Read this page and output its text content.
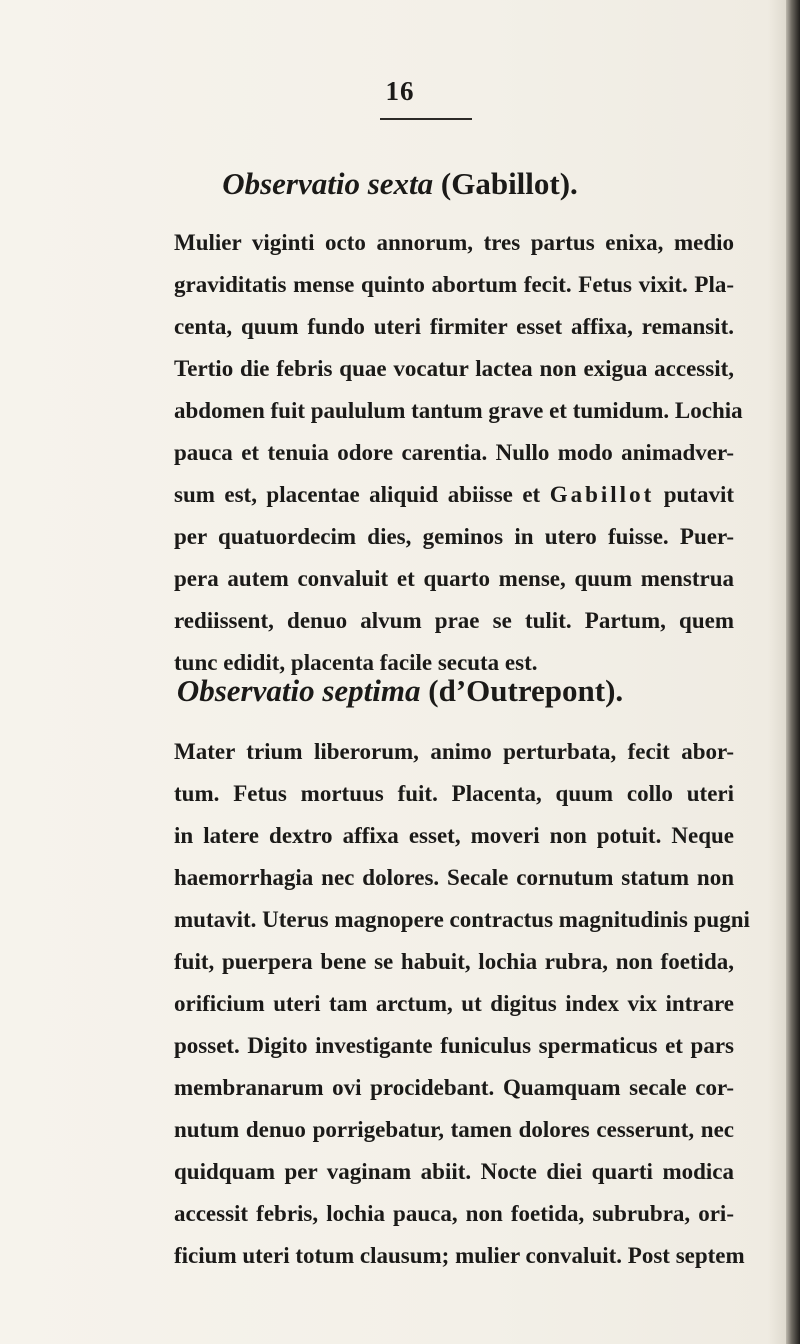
16
Observatio sexta (Gabillot).
Mulier viginti octo annorum, tres partus enixa, medio
graviditatis mense quinto abortum fecit. Fetus vixit. Pla-
centa, quum fundo uteri firmiter esset affixa, remansit.
Tertio die febris quae vocatur lactea non exigua accessit,
abdomen fuit paululum tantum grave et tumidum. Lochia
pauca et tenuia odore carentia. Nullo modo animadver-
sum est, placentae aliquid abiisse et Gabillot putavit
per quatuordecim dies, geminos in utero fuisse. Puer-
pera autem convaluit et quarto mense, quum menstrua
rediissent, denuo alvum prae se tulit. Partum, quem
tunc edidit, placenta facile secuta est.
Observatio septima (d’Outrepont).
Mater trium liberorum, animo perturbata, fecit abor-
tum. Fetus mortuus fuit. Placenta, quum collo uteri
in latere dextro affixa esset, moveri non potuit. Neque
haemorrhagia nec dolores. Secale cornutum statum non
mutavit. Uterus magnopere contractus magnitudinis pugni
fuit, puerpera bene se habuit, lochia rubra, non foetida,
orificium uteri tam arctum, ut digitus index vix intrare
posset. Digito investigante funiculus spermaticus et pars
membranarum ovi procidebant. Quamquam secale cor-
nutum denuo porrigebatur, tamen dolores cesserunt, nec
quidquam per vaginam abiit. Nocte diei quarti modica
accessit febris, lochia pauca, non foetida, subrubra, ori-
ficium uteri totum clausum; mulier convaluit. Post septem
